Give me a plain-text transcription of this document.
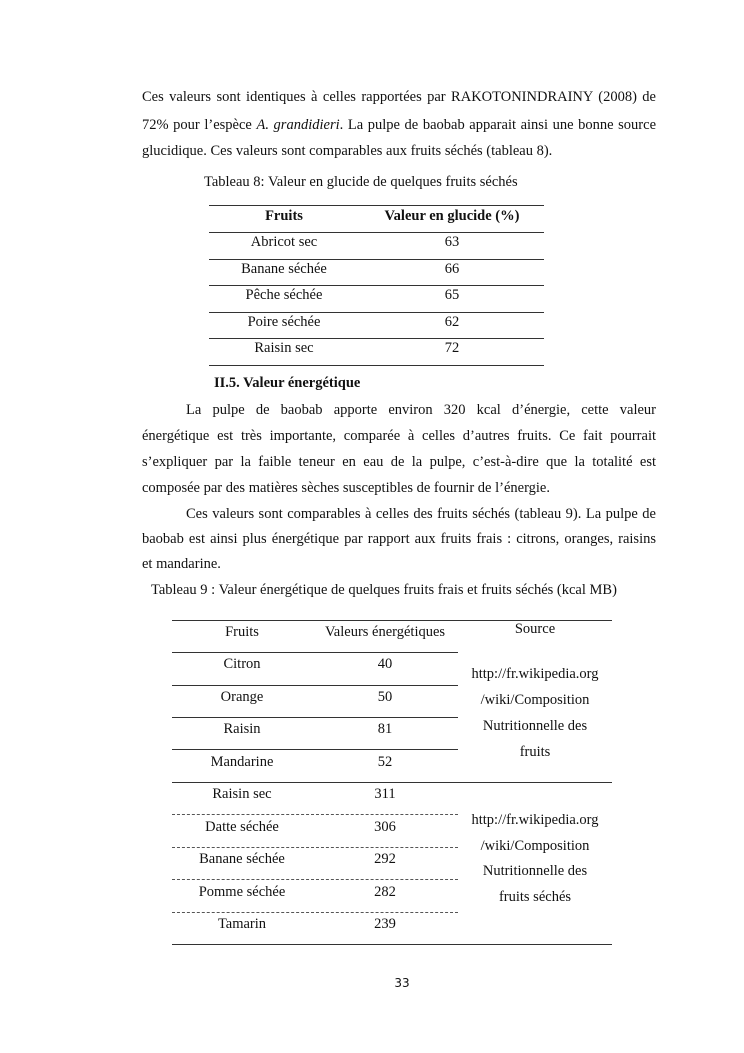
Ces valeurs sont identiques à celles rapportées par RAKOTONINDRAINY (2008) de
72% pour l’espèce A. grandidieri. La pulpe de baobab apparait ainsi une bonne source
glucidique. Ces valeurs sont comparables aux fruits séchés (tableau 8).
Tableau 8: Valeur en glucide de quelques fruits séchés
Fruits	Valeur en glucide (%)
Abricot sec	63
Banane séchée	66
Pêche séchée	65
Poire séchée	62
Raisin sec	72
II.5. Valeur énergétique
La pulpe de baobab apporte environ 320 kcal d’énergie, cette valeur
énergétique est très importante, comparée à celles d’autres fruits. Ce fait pourrait
s’expliquer par la faible teneur en eau de la pulpe, c’est-à-dire que la totalité est
composée par des matières sèches susceptibles de fournir de l’énergie.
Ces valeurs sont comparables à celles des fruits séchés (tableau 9). La pulpe de
baobab est ainsi plus énergétique par rapport aux fruits frais : citrons, oranges, raisins
et mandarine.
Tableau 9 : Valeur énergétique de quelques fruits frais et fruits séchés (kcal MB)
Fruits	Valeurs énergétiques	Source
Citron	40
Orange	50
Raisin	81
Mandarine	52
http://fr.wikipedia.org
/wiki/Composition
Nutritionnelle des
fruits
Raisin sec	311
Datte séchée	306
Banane séchée	292
Pomme séchée	282
Tamarin	239
http://fr.wikipedia.org
/wiki/Composition
Nutritionnelle des
fruits séchés
33
